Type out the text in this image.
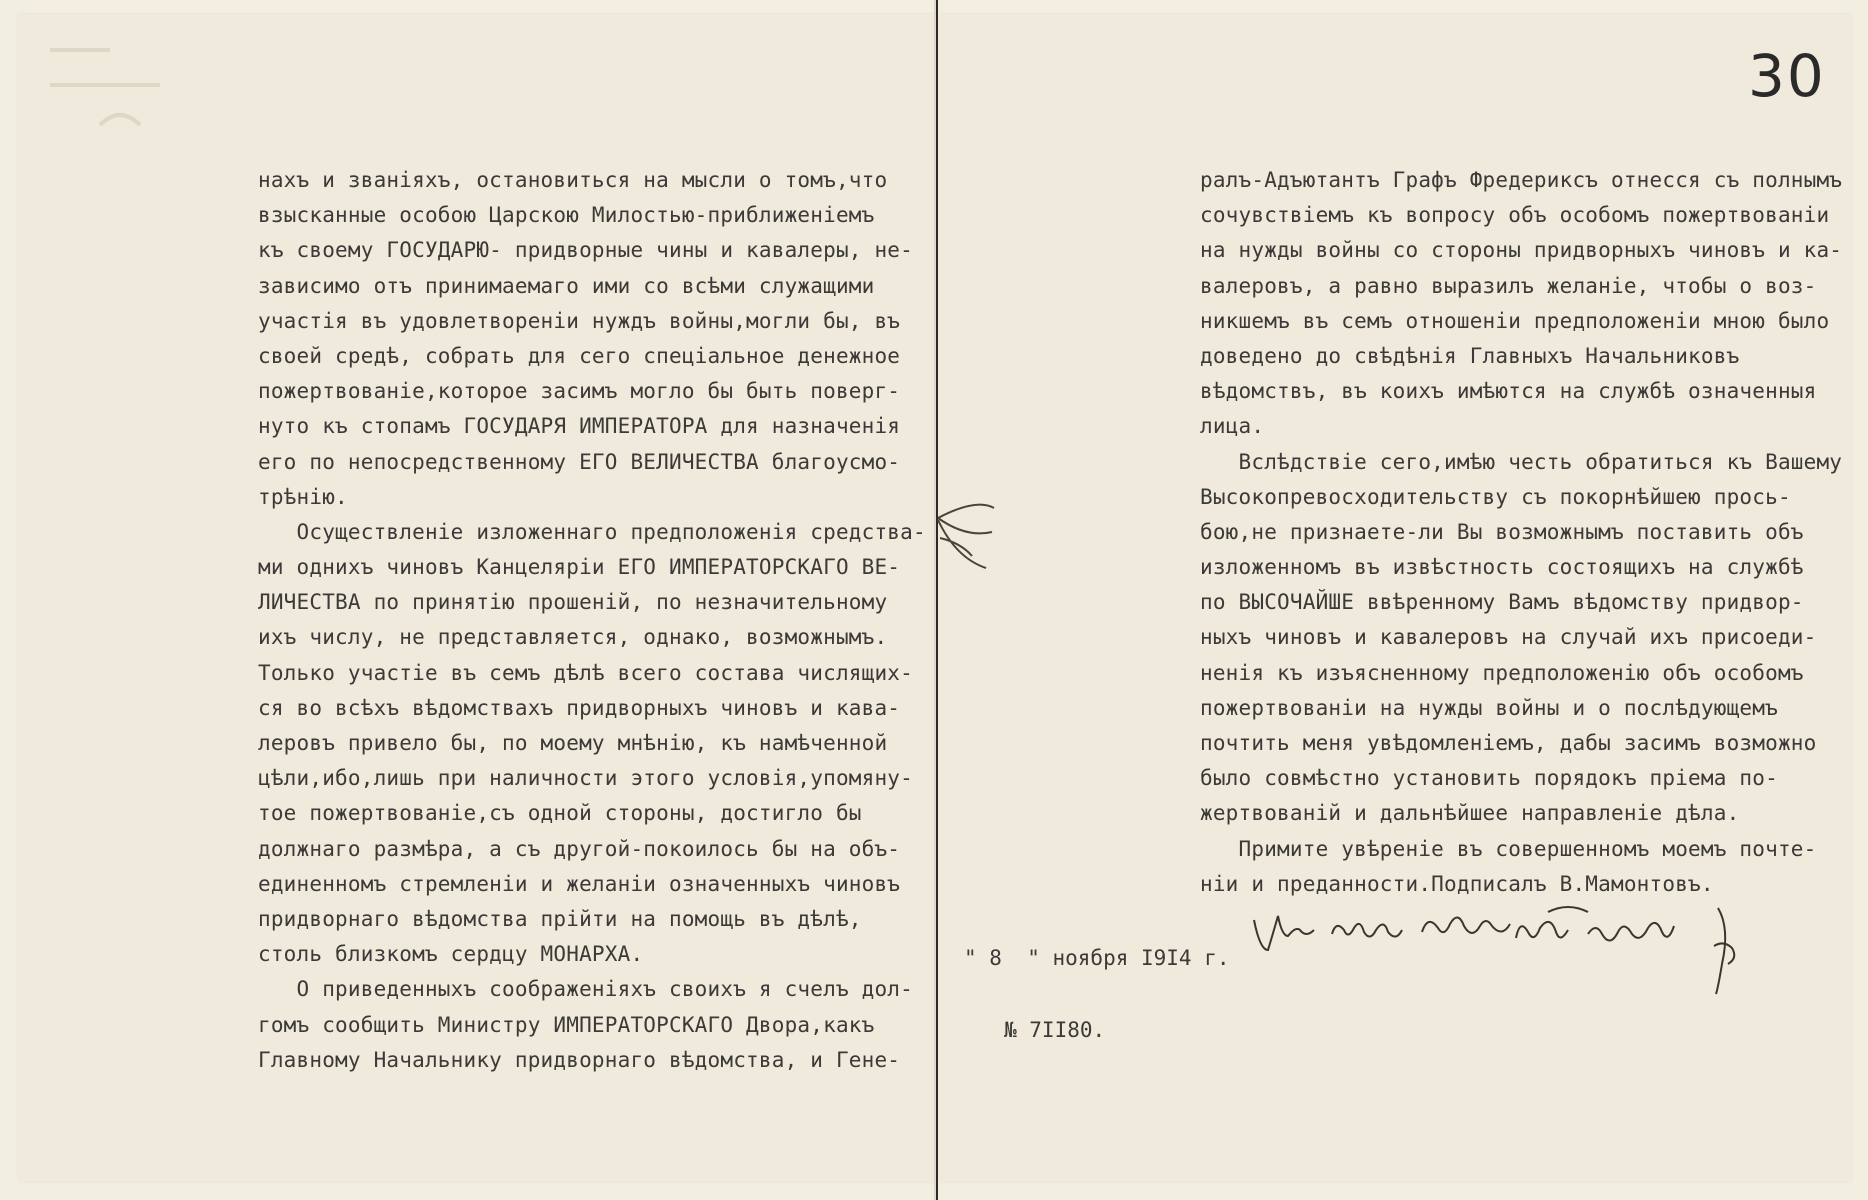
30
нахъ и званіяхъ, остановиться на мысли о томъ,что
взысканные особою Царскою Милостью-приближеніемъ
къ своему ГОСУДАРЮ- придворные чины и кавалеры, не-
зависимо отъ принимаемаго ими со всѣми служащими
участія въ удовлетвореніи нуждъ войны,могли бы, въ
своей средѣ, собрать для сего спеціальное денежное
пожертвованіе,которое засимъ могло бы быть поверг-
нуто къ стопамъ ГОСУДАРЯ ИМПЕРАТОРА для назначенія
его по непосредственному ЕГО ВЕЛИЧЕСТВА благоусмо-
трѣнію.
Осуществленіе изложеннаго предположенія средства-
ми однихъ чиновъ Канцеляріи ЕГО ИМПЕРАТОРСКАГО ВЕ-
ЛИЧЕСТВА по принятію прошеній, по незначительному
ихъ числу, не представляется, однако, возможнымъ.
Только участіе въ семъ дѣлѣ всего состава числящих-
ся во всѣхъ вѣдомствахъ придворныхъ чиновъ и кава-
леровъ привело бы, по моему мнѣнію, къ намѣченной
цѣли,ибо,лишь при наличности этого условія,упомяну-
тое пожертвованіе,съ одной стороны, достигло бы
должнаго размѣра, а съ другой-покоилось бы на объ-
единенномъ стремленіи и желаніи означенныхъ чиновъ
придворнаго вѣдомства прійти на помощь въ дѣлѣ,
столь близкомъ сердцу МОНАРХА.
О приведенныхъ соображеніяхъ своихъ я счелъ дол-
гомъ сообщить Министру ИМПЕРАТОРСКАГО Двора,какъ
Главному Начальнику придворнаго вѣдомства, и Гене-
ралъ-Адъютантъ Графъ Фредериксъ отнесся съ полнымъ
сочувствіемъ къ вопросу объ особомъ пожертвованіи
на нужды войны со стороны придворныхъ чиновъ и ка-
валеровъ, а равно выразилъ желаніе, чтобы о воз-
никшемъ въ семъ отношеніи предположеніи мною было
доведено до свѣдѣнія Главныхъ Начальниковъ
вѣдомствъ, въ коихъ имѣются на службѣ означенныя
лица.
Вслѣдствіе сего,имѣю честь обратиться къ Вашему
Высокопревосходительству съ покорнѣйшею прось-
бою,не признаете-ли Вы возможнымъ поставить объ
изложенномъ въ извѣстность состоящихъ на службѣ
по ВЫСОЧАЙШЕ ввѣренному Вамъ вѣдомству придвор-
ныхъ чиновъ и кавалеровъ на случай ихъ присоеди-
ненія къ изъясненному предположенію объ особомъ
пожертвованіи на нужды войны и о послѣдующемъ
почтить меня увѣдомленіемъ, дабы засимъ возможно
было совмѣстно установить порядокъ пріема по-
жертвованій и дальнѣйшее направленіе дѣла.
Примите увѣреніе въ совершенномъ моемъ почте-
ніи и преданности.Подписалъ В.Мамонтовъ.
" 8  " ноября I9I4 г.
№ 7II80.
